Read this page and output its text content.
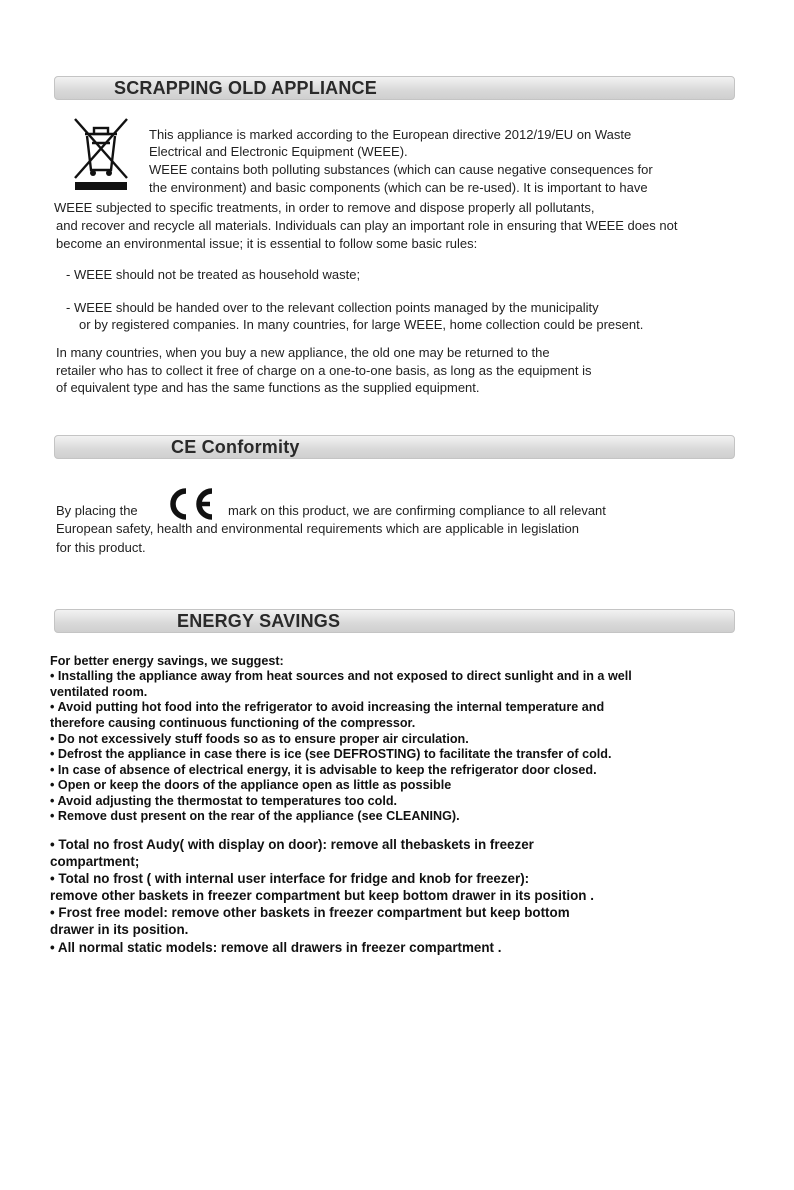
SCRAPPING OLD APPLIANCE
This appliance is marked according to the European directive 2012/19/EU on Waste
Electrical and Electronic Equipment (WEEE).
WEEE contains both polluting substances (which can cause negative consequences for
the environment) and basic components (which can be re-used). It is important to have
WEEE subjected to specific treatments, in order to remove and dispose properly all pollutants,
and recover and recycle all materials. Individuals can play an important role in ensuring that WEEE does not
become an environmental issue; it is essential to follow some basic rules:
- WEEE should not be treated as household waste;
- WEEE should be handed over to the relevant collection points managed by the municipality
or by registered companies. In many countries, for large WEEE, home collection could be present.
In many countries, when you buy a new appliance, the old one may be returned to the
retailer who has to collect it free of charge on a one-to-one basis, as long as the equipment is
of equivalent type and has the same functions as the supplied equipment.
CE Conformity
By placing the	mark on this product, we are confirming compliance to all relevant
European safety, health and environmental requirements which are applicable in legislation
for this product.
ENERGY SAVINGS
For better energy savings, we suggest:
• Installing the appliance away from heat sources and not exposed to direct sunlight and in a well
ventilated room.
• Avoid putting hot food into the refrigerator to avoid increasing the internal temperature and
therefore causing continuous functioning of the compressor.
• Do not excessively stuff foods so as to ensure proper air circulation.
• Defrost the appliance in case there is ice (see DEFROSTING) to facilitate the transfer of cold.
• In case of absence of electrical energy, it is advisable to keep the refrigerator door closed.
• Open or keep the doors of the appliance open as little as possible
• Avoid adjusting the thermostat to temperatures too cold.
• Remove dust present on the rear of the appliance (see CLEANING).
• Total no frost Audy( with display on door): remove all thebaskets in freezer
compartment;
• Total no frost ( with internal user interface for fridge and knob for freezer):
remove other baskets in freezer compartment but keep bottom drawer in its position .
• Frost free model: remove other baskets in freezer compartment but keep bottom
drawer in its position.
• All normal static models: remove all drawers in freezer compartment .
